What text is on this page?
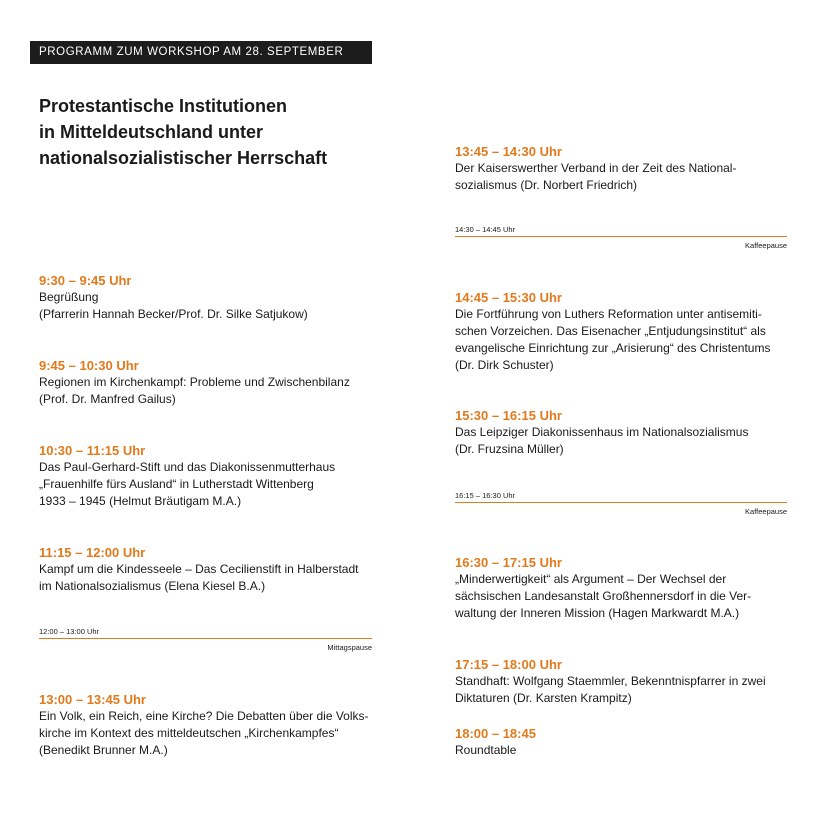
PROGRAMM ZUM WORKSHOP AM 28. SEPTEMBER 2017
Protestantische Institutionen
in Mitteldeutschland unter
nationalsozialistischer Herrschaft
9:30 – 9:45 Uhr
Begrüßung
(Pfarrerin Hannah Becker/Prof. Dr. Silke Satjukow)
9:45 – 10:30 Uhr
Regionen im Kirchenkampf: Probleme und Zwischenbilanz
(Prof. Dr. Manfred Gailus)
10:30 – 11:15 Uhr
Das Paul-Gerhard-Stift und das Diakonissenmutterhaus
„Frauenhilfe fürs Ausland“ in Lutherstadt Wittenberg
1933 – 1945 (Helmut Bräutigam M.A.)
11:15 – 12:00 Uhr
Kampf um die Kindesseele – Das Cecilienstift in Halberstadt
im Nationalsozialismus (Elena Kiesel B.A.)
12:00 – 13:00 Uhr
Mittagspause
13:00 – 13:45 Uhr
Ein Volk, ein Reich, eine Kirche? Die Debatten über die Volks-
kirche im Kontext des mitteldeutschen „Kirchenkampfes“
(Benedikt Brunner M.A.)
13:45 – 14:30 Uhr
Der Kaiserswerther Verband in der Zeit des National-
sozialismus (Dr. Norbert Friedrich)
14:30 – 14:45 Uhr
Kaffeepause
14:45 – 15:30 Uhr
Die Fortführung von Luthers Reformation unter antisemiti-
schen Vorzeichen. Das Eisenacher „Entjudungsinstitut“ als
evangelische Einrichtung zur „Arisierung“ des Christentums
(Dr. Dirk Schuster)
15:30 – 16:15 Uhr
Das Leipziger Diakonissenhaus im Nationalsozialismus
(Dr. Fruzsina Müller)
16:15 – 16:30 Uhr
Kaffeepause
16:30 – 17:15 Uhr
„Minderwertigkeit“ als Argument – Der Wechsel der
sächsischen Landesanstalt Großhennersdorf in die Ver-
waltung der Inneren Mission (Hagen Markwardt M.A.)
17:15 – 18:00 Uhr
Standhaft: Wolfgang Staemmler, Bekenntnispfarrer in zwei
Diktaturen (Dr. Karsten Krampitz)
18:00 – 18:45
Roundtable
